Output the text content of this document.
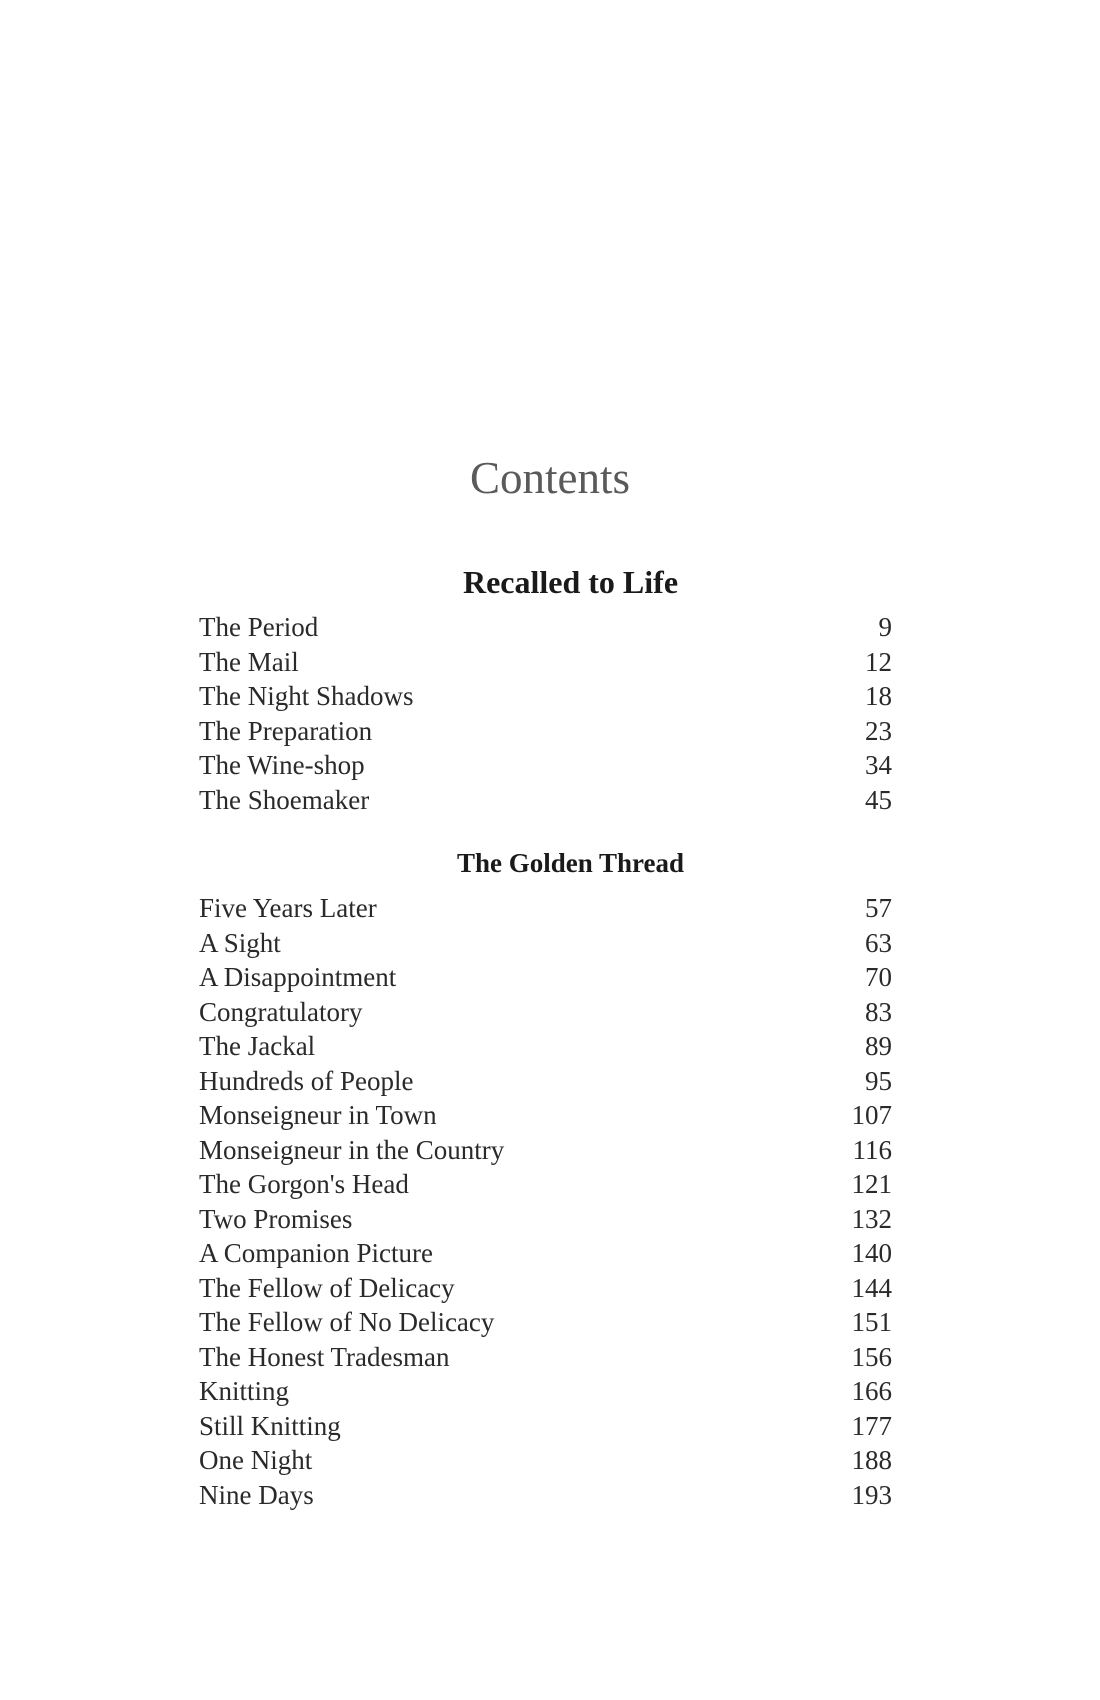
Contents
Recalled to Life
The Period	9
The Mail	12
The Night Shadows	18
The Preparation	23
The Wine-shop	34
The Shoemaker	45
The Golden Thread
Five Years Later	57
A Sight	63
A Disappointment	70
Congratulatory	83
The Jackal	89
Hundreds of People	95
Monseigneur in Town	107
Monseigneur in the Country	116
The Gorgon's Head	121
Two Promises	132
A Companion Picture	140
The Fellow of Delicacy	144
The Fellow of No Delicacy	151
The Honest Tradesman	156
Knitting	166
Still Knitting	177
One Night	188
Nine Days	193
